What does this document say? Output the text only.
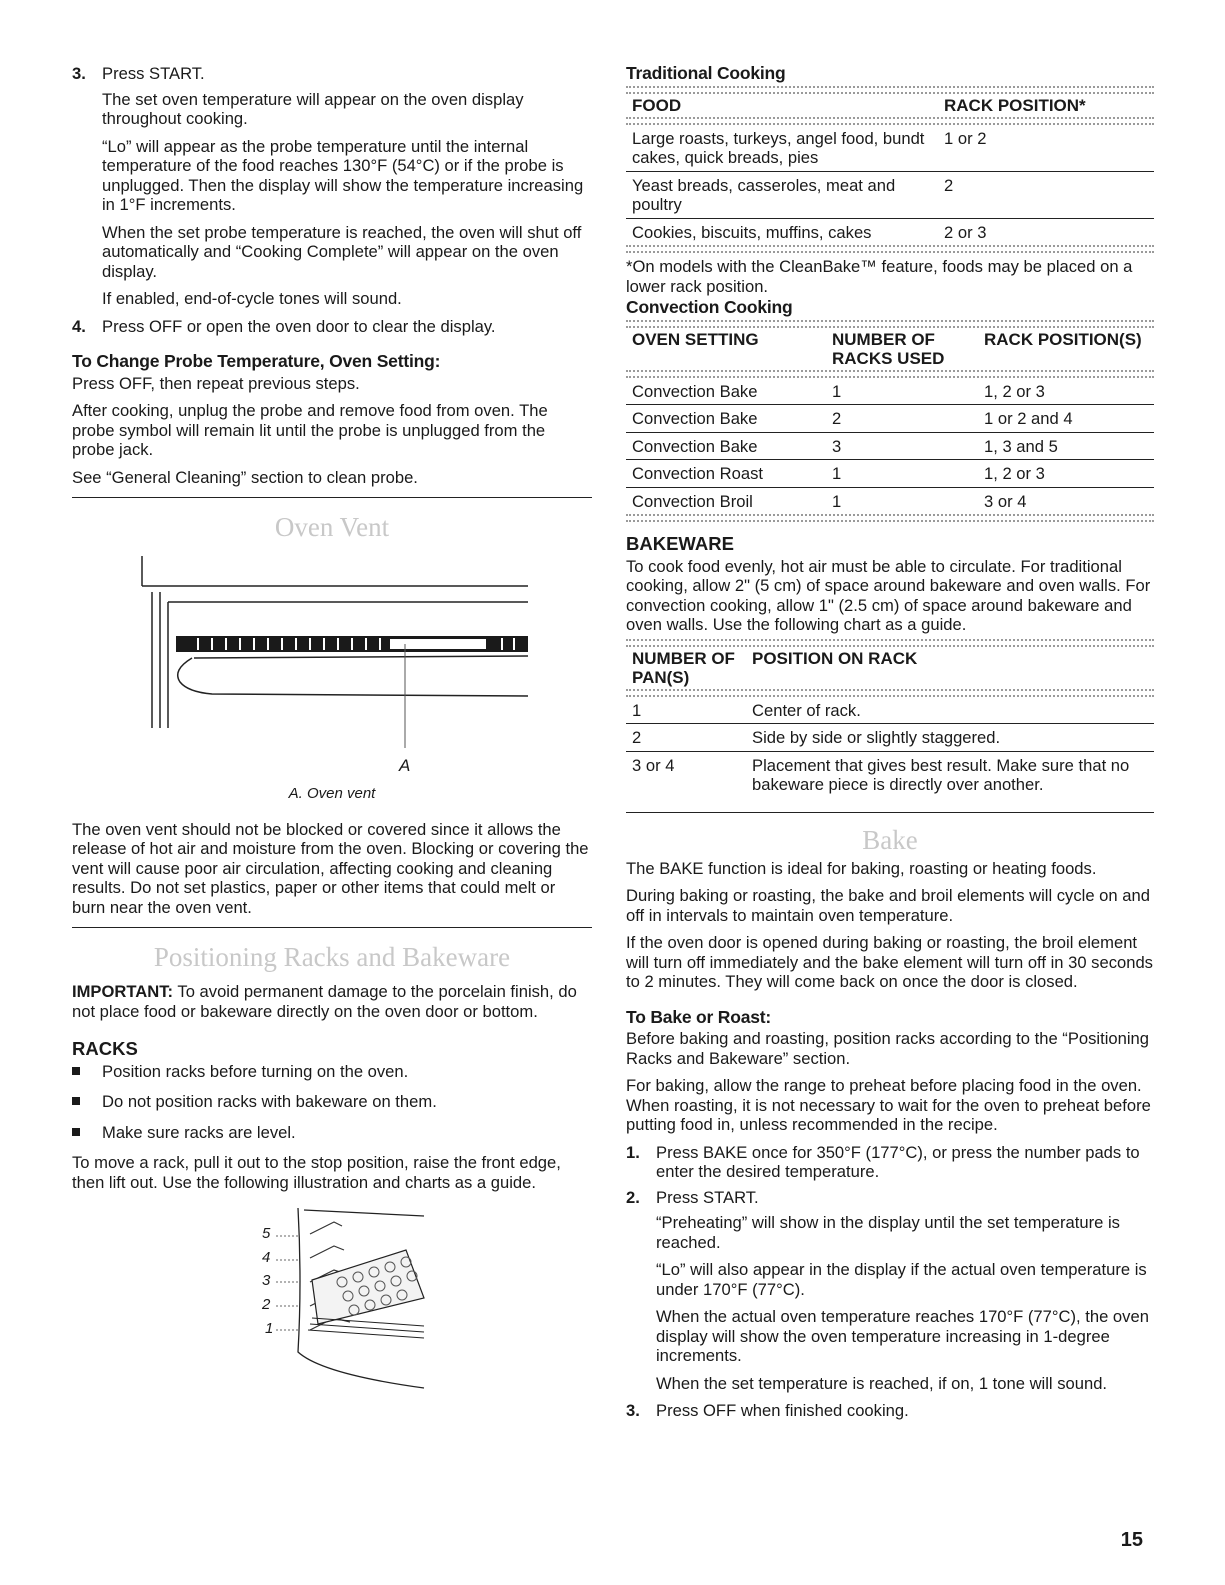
3. Press START.

The set oven temperature will appear on the oven display throughout cooking.

“Lo” will appear as the probe temperature until the internal temperature of the food reaches 130°F (54°C) or if the probe is unplugged. Then the display will show the temperature increasing in 1°F increments.

When the set probe temperature is reached, the oven will shut off automatically and “Cooking Complete” will appear on the oven display.

If enabled, end-of-cycle tones will sound.

4. Press OFF or open the oven door to clear the display.
To Change Probe Temperature, Oven Setting:

Press OFF, then repeat previous steps.

After cooking, unplug the probe and remove food from oven. The probe symbol will remain lit until the probe is unplugged from the probe jack.

See “General Cleaning” section to clean probe.

Oven Vent
A
A. Oven vent

The oven vent should not be blocked or covered since it allows the release of hot air and moisture from the oven. Blocking or covering the vent will cause poor air circulation, affecting cooking and cleaning results. Do not set plastics, paper or other items that could melt or burn near the oven vent.

Positioning Racks and Bakeware

IMPORTANT: To avoid permanent damage to the porcelain finish, do not place food or bakeware directly on the oven door or bottom.

RACKS
Position racks before turning on the oven.
Do not position racks with bakeware on them.
Make sure racks are level.

To move a rack, pull it out to the stop position, raise the front edge, then lift out. Use the following illustration and charts as a guide.

5
4
3
2
1
Traditional Cooking
FOOD	RACK POSITION*
Large roasts, turkeys, angel food, bundt cakes, quick breads, pies	1 or 2
Yeast breads, casseroles, meat and poultry	2
Cookies, biscuits, muffins, cakes	2 or 3

*On models with the CleanBake™ feature, foods may be placed on a lower rack position.

Convection Cooking
OVEN SETTING	NUMBER OF RACKS USED	RACK POSITION(S)
Convection Bake	1	1, 2 or 3
Convection Bake	2	1 or 2 and 4
Convection Bake	3	1, 3 and 5
Convection Roast	1	1, 2 or 3
Convection Broil	1	3 or 4
BAKEWARE

To cook food evenly, hot air must be able to circulate. For traditional cooking, allow 2" (5 cm) of space around bakeware and oven walls. For convection cooking, allow 1" (2.5 cm) of space around bakeware and oven walls. Use the following chart as a guide.

NUMBER OF PAN(S)	POSITION ON RACK
1	Center of rack.
2	Side by side or slightly staggered.
3 or 4	Placement that gives best result. Make sure that no bakeware piece is directly over another.
Bake

The BAKE function is ideal for baking, roasting or heating foods.

During baking or roasting, the bake and broil elements will cycle on and off in intervals to maintain oven temperature.

If the oven door is opened during baking or roasting, the broil element will turn off immediately and the bake element will turn off in 30 seconds to 2 minutes. They will come back on once the door is closed.

To Bake or Roast:

Before baking and roasting, position racks according to the “Positioning Racks and Bakeware” section.

For baking, allow the range to preheat before placing food in the oven. When roasting, it is not necessary to wait for the oven to preheat before putting food in, unless recommended in the recipe.

1. Press BAKE once for 350°F (177°C), or press the number pads to enter the desired temperature.
2. Press START.

“Preheating” will show in the display until the set temperature is reached.

“Lo” will also appear in the display if the actual oven temperature is under 170°F (77°C).

When the actual oven temperature reaches 170°F (77°C), the oven display will show the oven temperature increasing in 1-degree increments.

When the set temperature is reached, if on, 1 tone will sound.

3. Press OFF when finished cooking.
15
